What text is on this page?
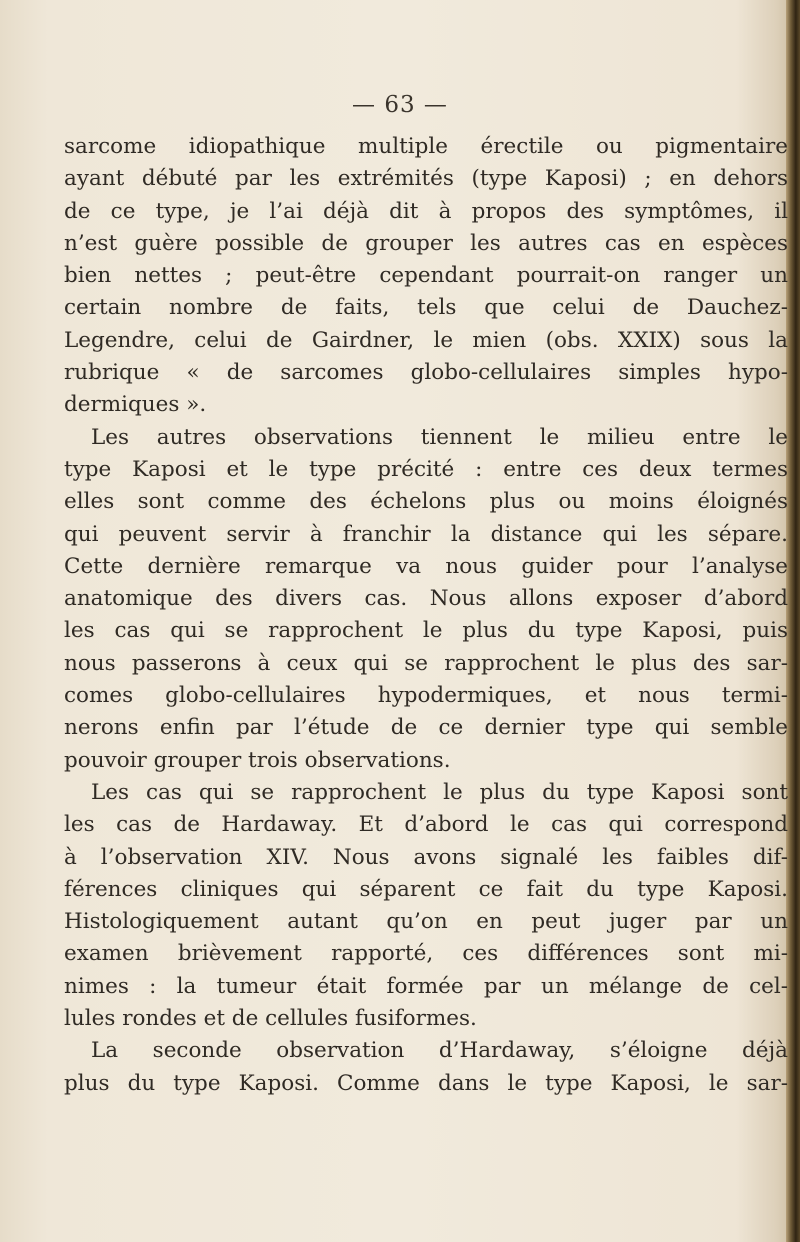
— 63 —
sarcome idiopathique multiple érectile ou pigmentaire
ayant débuté par les extrémités (type Kaposi) ; en dehors
de ce type, je l’ai déjà dit à propos des symptômes, il
n’est guère possible de grouper les autres cas en espèces
bien nettes ; peut-être cependant pourrait-on ranger un
certain nombre de faits, tels que celui de Dauchez-
Legendre, celui de Gairdner, le mien (obs. XXIX) sous la
rubrique « de sarcomes globo-cellulaires simples hypo-
dermiques ».
Les autres observations tiennent le milieu entre le
type Kaposi et le type précité : entre ces deux termes
elles sont comme des échelons plus ou moins éloignés
qui peuvent servir à franchir la distance qui les sépare.
Cette dernière remarque va nous guider pour l’analyse
anatomique des divers cas. Nous allons exposer d’abord
les cas qui se rapprochent le plus du type Kaposi, puis
nous passerons à ceux qui se rapprochent le plus des sar-
comes globo-cellulaires hypodermiques, et nous termi-
nerons enfin par l’étude de ce dernier type qui semble
pouvoir grouper trois observations.
Les cas qui se rapprochent le plus du type Kaposi sont
les cas de Hardaway. Et d’abord le cas qui correspond
à l’observation XIV. Nous avons signalé les faibles dif-
férences cliniques qui séparent ce fait du type Kaposi.
Histologiquement autant qu’on en peut juger par un
examen brièvement rapporté, ces différences sont mi-
nimes : la tumeur était formée par un mélange de cel-
lules rondes et de cellules fusiformes.
La seconde observation d’Hardaway, s’éloigne déjà
plus du type Kaposi. Comme dans le type Kaposi, le sar-
